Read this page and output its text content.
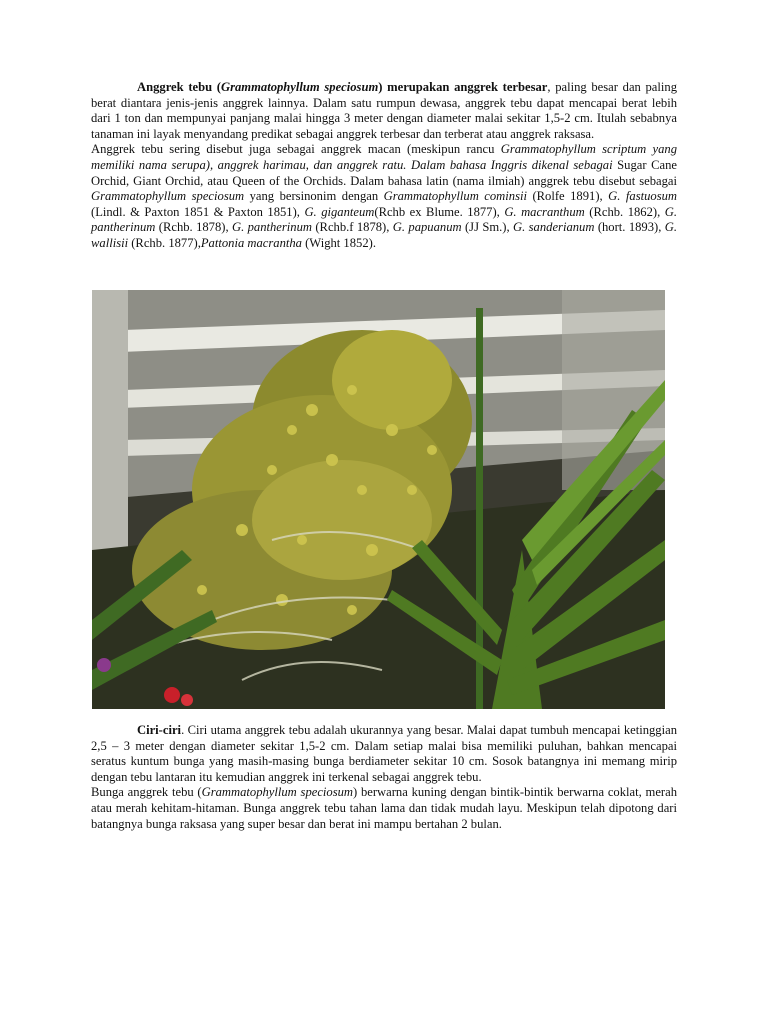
Anggrek tebu (Grammatophyllum speciosum) merupakan anggrek terbesar, paling besar dan paling berat diantara jenis-jenis anggrek lainnya. Dalam satu rumpun dewasa, anggrek tebu dapat mencapai berat lebih dari 1 ton dan mempunyai panjang malai hingga 3 meter dengan diameter malai sekitar 1,5-2 cm. Itulah sebabnya tanaman ini layak menyandang predikat sebagai anggrek terbesar dan terberat atau anggrek raksasa.

Anggrek tebu sering disebut juga sebagai anggrek macan (meskipun rancu Grammatophyllum scriptum yang memiliki nama serupa), anggrek harimau, dan anggrek ratu. Dalam bahasa Inggris dikenal sebagai Sugar Cane Orchid, Giant Orchid, atau Queen of the Orchids. Dalam bahasa latin (nama ilmiah) anggrek tebu disebut sebagai Grammatophyllum speciosum yang bersinonim dengan Grammatophyllum cominsii (Rolfe 1891), G. fastuosum (Lindl. & Paxton 1851 & Paxton 1851), G. giganteum(Rchb ex Blume. 1877), G. macranthum (Rchb. 1862), G. pantherinum (Rchb. 1878), G. pantherinum (Rchb.f 1878), G. papuanum (JJ Sm.), G. sanderianum (hort. 1893), G. wallisii (Rchb. 1877),Pattonia macrantha (Wight 1852).

Ciri-ciri. Ciri utama anggrek tebu adalah ukurannya yang besar. Malai dapat tumbuh mencapai ketinggian 2,5 – 3 meter dengan diameter sekitar 1,5-2 cm. Dalam setiap malai bisa memiliki puluhan, bahkan mencapai seratus kuntum bunga yang masih-masing bunga berdiameter sekitar 10 cm. Sosok batangnya ini memang mirip dengan tebu lantaran itu kemudian anggrek ini terkenal sebagai anggrek tebu.

Bunga anggrek tebu (Grammatophyllum speciosum) berwarna kuning dengan bintik-bintik berwarna coklat, merah atau merah kehitam-hitaman. Bunga anggrek tebu tahan lama dan tidak mudah layu. Meskipun telah dipotong dari batangnya bunga raksasa yang super besar dan berat ini mampu bertahan 2 bulan.
